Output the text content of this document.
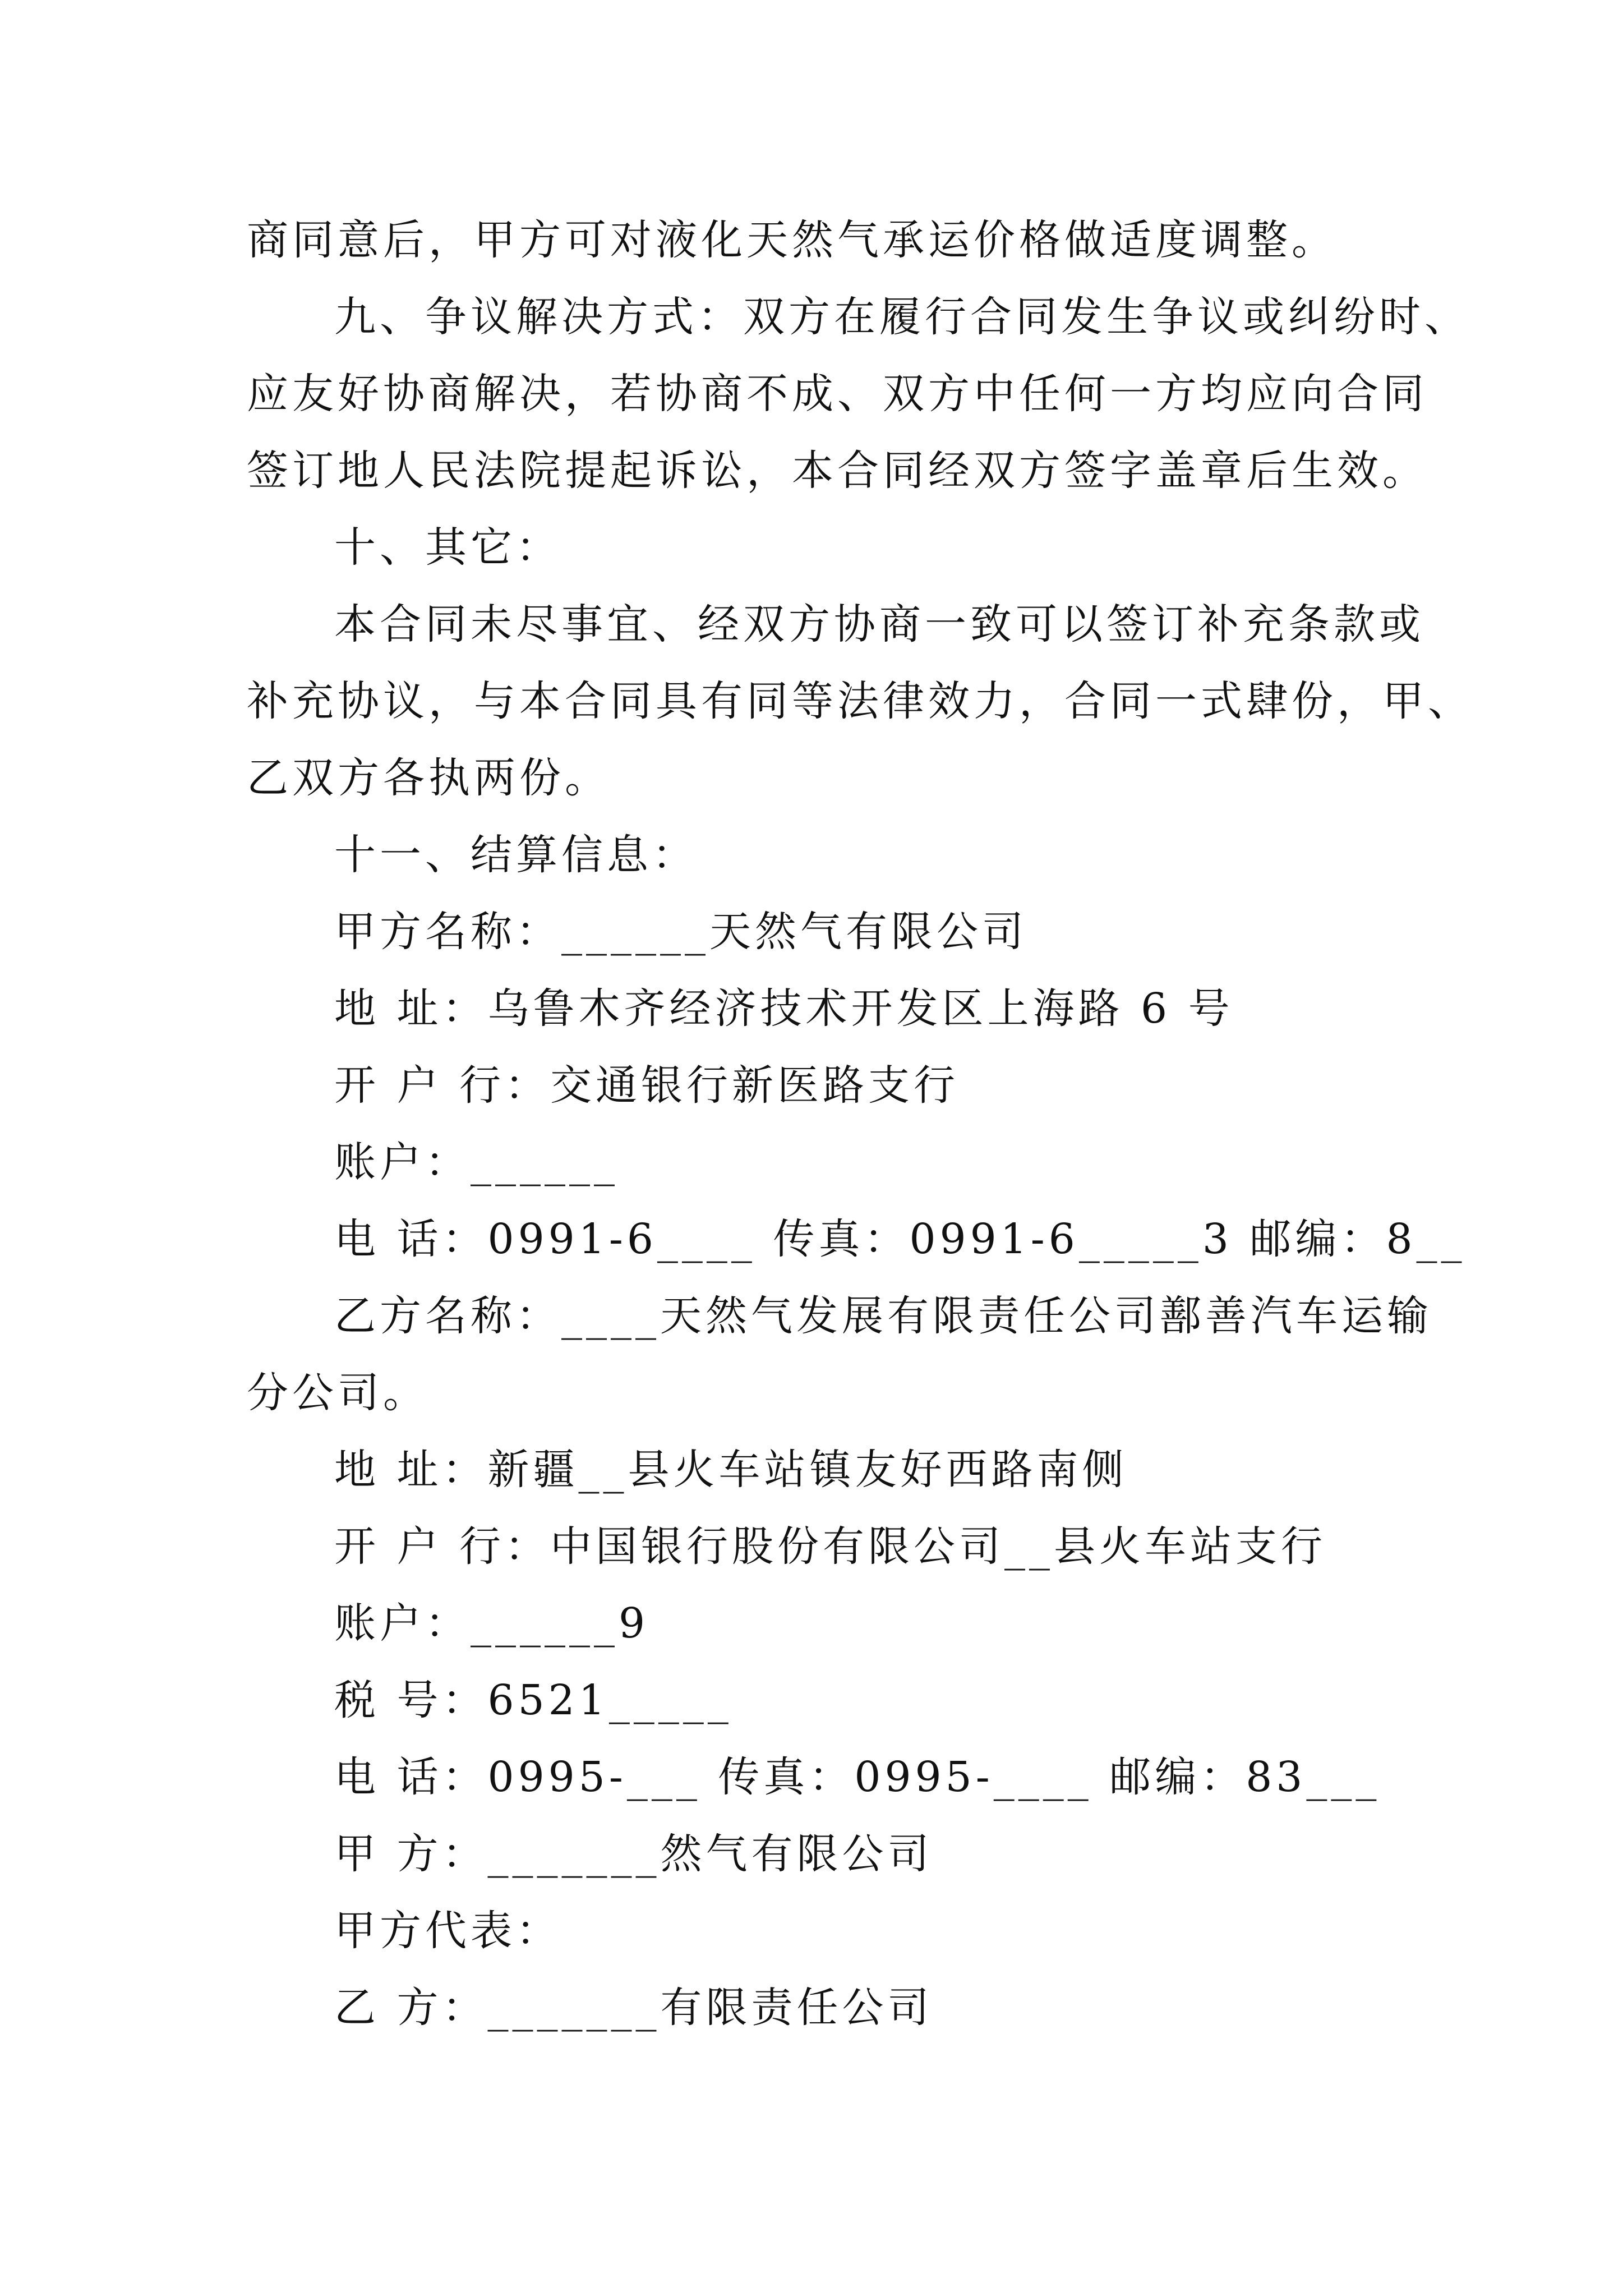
商同意后，甲方可对液化天然气承运价格做适度调整。
九、争议解决方式：双方在履行合同发生争议或纠纷时、
应友好协商解决，若协商不成、双方中任何一方均应向合同
签订地人民法院提起诉讼，本合同经双方签字盖章后生效。
十、其它：
本合同未尽事宜、经双方协商一致可以签订补充条款或
补充协议，与本合同具有同等法律效力，合同一式肆份，甲、
乙双方各执两份。
十一、结算信息：
甲方名称：______天然气有限公司
地 址：乌鲁木齐经济技术开发区上海路 6 号
开 户 行：交通银行新医路支行
账户：______
电 话：0991-6____ 传真：0991-6_____3 邮编：8__
乙方名称：____天然气发展有限责任公司鄯善汽车运输
分公司。
地 址：新疆__县火车站镇友好西路南侧
开 户 行：中国银行股份有限公司__县火车站支行
账户：______9
税 号：6521_____
电 话：0995-___ 传真：0995-____ 邮编：83___
甲 方：_______然气有限公司
甲方代表：
乙 方：_______有限责任公司
